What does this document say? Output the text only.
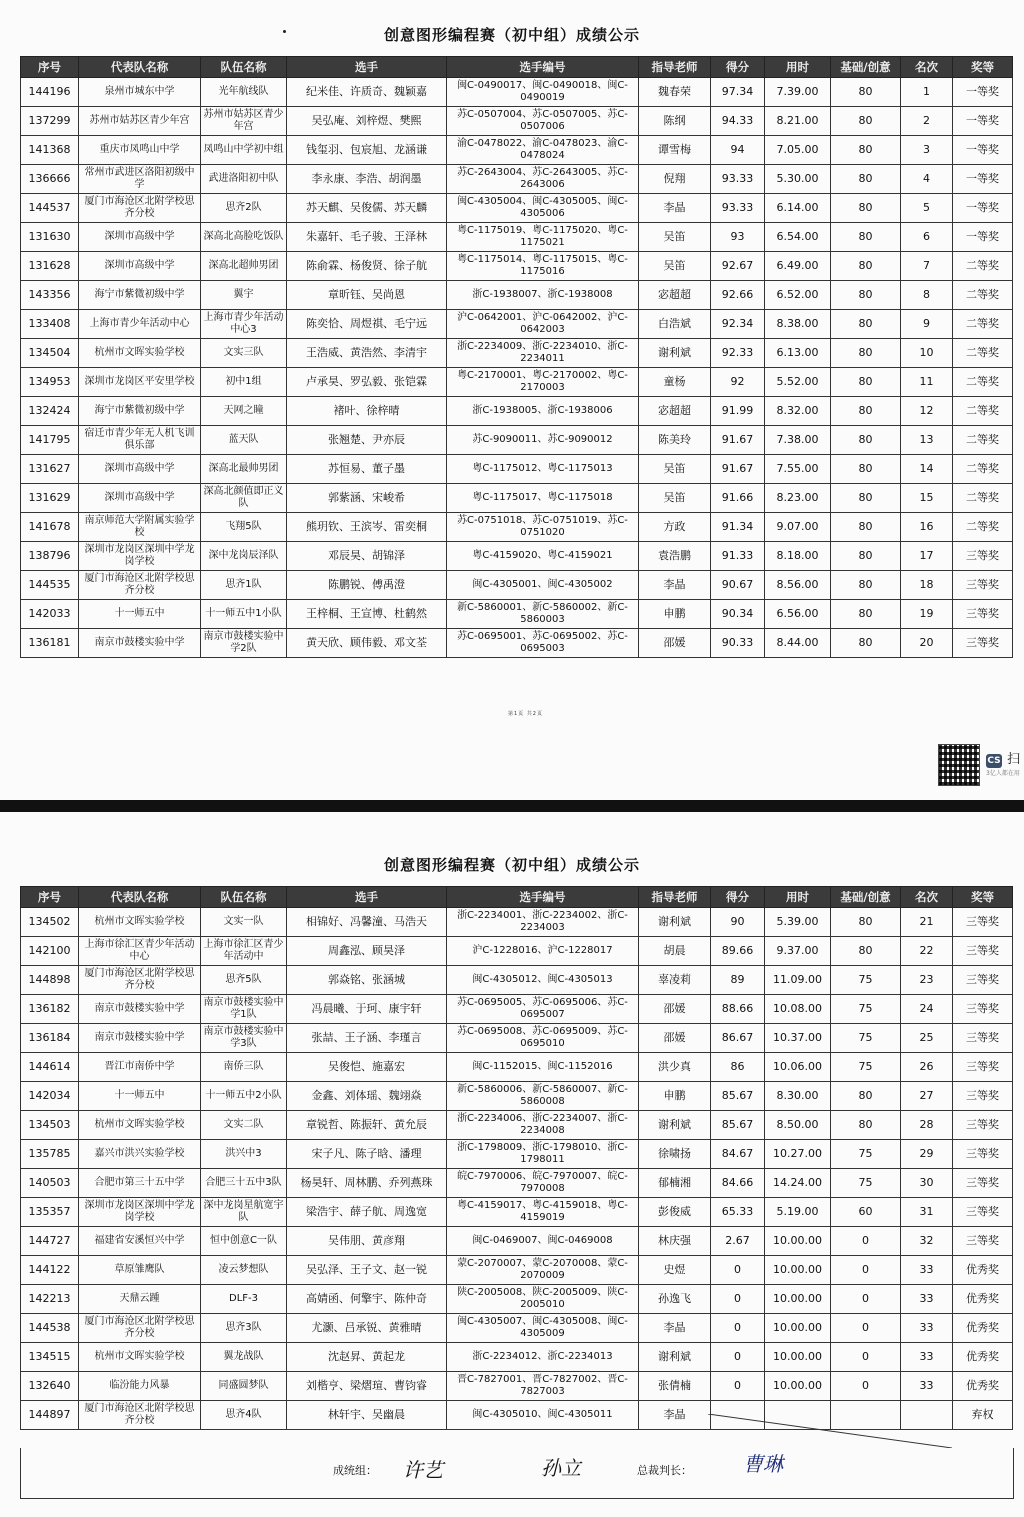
创意图形编程赛（初中组）成绩公示
序号	代表队名称	队伍名称	选手	选手编号	指导老师	得分	用时	基础/创意	名次	奖等
144196	泉州市城东中学	光年航线队	纪米佳、许质奇、魏颖嘉	闽C-0490017、闽C-0490018、闽C-0490019	魏春荣	97.34	7.39.00	80	1	一等奖
137299	苏州市姑苏区青少年宫	苏州市姑苏区青少年宫	吴弘庵、刘梓煜、樊熙	苏C-0507004、苏C-0507005、苏C-0507006	陈纲	94.33	8.21.00	80	2	一等奖
141368	重庆市凤鸣山中学	凤鸣山中学初中组	钱玺羽、包宸旭、龙涵谦	渝C-0478022、渝C-0478023、渝C-0478024	谭雪梅	94	7.05.00	80	3	一等奖
136666	常州市武进区洛阳初级中学	武进洛阳初中队	李永康、李浩、胡润墨	苏C-2643004、苏C-2643005、苏C-2643006	倪翔	93.33	5.30.00	80	4	一等奖
144537	厦门市海沧区北附学校思齐分校	思齐2队	苏天麒、吴俊儒、苏天麟	闽C-4305004、闽C-4305005、闽C-4305006	李晶	93.33	6.14.00	80	5	一等奖
131630	深圳市高级中学	深高北高脸吃饭队	朱嘉轩、毛子骏、王泽林	粤C-1175019、粤C-1175020、粤C-1175021	吴笛	93	6.54.00	80	6	一等奖
131628	深圳市高级中学	深高北超帅男团	陈俞霖、杨俊贤、徐子航	粤C-1175014、粤C-1175015、粤C-1175016	吴笛	92.67	6.49.00	80	7	二等奖
143356	海宁市紫微初级中学	翼宇	章昕钰、吴尚恩	浙C-1938007、浙C-1938008	宓超超	92.66	6.52.00	80	8	二等奖
133408	上海市青少年活动中心	上海市青少年活动中心3	陈奕恰、周煜祺、毛宁远	沪C-0642001、沪C-0642002、沪C-0642003	白浩斌	92.34	8.38.00	80	9	二等奖
134504	杭州市文晖实验学校	文实三队	王浩威、黄浩然、李清宇	浙C-2234009、浙C-2234010、浙C-2234011	谢利斌	92.33	6.13.00	80	10	二等奖
134953	深圳市龙岗区平安里学校	初中1组	卢承昊、罗弘毅、张铠霖	粤C-2170001、粤C-2170002、粤C-2170003	童杨	92	5.52.00	80	11	二等奖
132424	海宁市紫微初级中学	天网之瞳	褚叶、徐梓晴	浙C-1938005、浙C-1938006	宓超超	91.99	8.32.00	80	12	二等奖
141795	宿迁市青少年无人机飞训俱乐部	蓝天队	张翘楚、尹亦辰	苏C-9090011、苏C-9090012	陈美玲	91.67	7.38.00	80	13	二等奖
131627	深圳市高级中学	深高北最帅男团	苏恒易、董子墨	粤C-1175012、粤C-1175013	吴笛	91.67	7.55.00	80	14	二等奖
131629	深圳市高级中学	深高北颜值即正义队	郭紫涵、宋峻希	粤C-1175017、粤C-1175018	吴笛	91.66	8.23.00	80	15	二等奖
141678	南京师范大学附属实验学校	飞翔5队	熊玥钦、王滨岑、雷奕桐	苏C-0751018、苏C-0751019、苏C-0751020	方政	91.34	9.07.00	80	16	二等奖
138796	深圳市龙岗区深圳中学龙岗学校	深中龙岗辰泽队	邓辰昊、胡锦泽	粤C-4159020、粤C-4159021	袁浩鹏	91.33	8.18.00	80	17	三等奖
144535	厦门市海沧区北附学校思齐分校	思齐1队	陈鹏锐、傅禹澄	闽C-4305001、闽C-4305002	李晶	90.67	8.56.00	80	18	三等奖
142033	十一师五中	十一师五中1小队	王梓桐、王宣博、杜鹤然	新C-5860001、新C-5860002、新C-5860003	申鹏	90.34	6.56.00	80	19	三等奖
136181	南京市鼓楼实验中学	南京市鼓楼实验中学2队	黄天欣、顾伟毅、邓文荃	苏C-0695001、苏C-0695002、苏C-0695003	邵媛	90.33	8.44.00	80	20	三等奖
第1页 共2页
CS 扫
3亿人都在用
创意图形编程赛（初中组）成绩公示
序号	代表队名称	队伍名称	选手	选手编号	指导老师	得分	用时	基础/创意	名次	奖等
134502	杭州市文晖实验学校	文实一队	相锦好、冯馨潼、马浩天	浙C-2234001、浙C-2234002、浙C-2234003	谢利斌	90	5.39.00	80	21	三等奖
142100	上海市徐汇区青少年活动中心	上海市徐汇区青少年活动中	周鑫泓、顾昊泽	沪C-1228016、沪C-1228017	胡晨	89.66	9.37.00	80	22	三等奖
144898	厦门市海沧区北附学校思齐分校	思齐5队	郭焱铭、张涵城	闽C-4305012、闽C-4305013	辜凌莉	89	11.09.00	75	23	三等奖
136182	南京市鼓楼实验中学	南京市鼓楼实验中学1队	冯晨曦、于珂、康宇轩	苏C-0695005、苏C-0695006、苏C-0695007	邵媛	88.66	10.08.00	75	24	三等奖
136184	南京市鼓楼实验中学	南京市鼓楼实验中学3队	张喆、王子涵、李瑾言	苏C-0695008、苏C-0695009、苏C-0695010	邵媛	86.67	10.37.00	75	25	三等奖
144614	晋江市南侨中学	南侨三队	吴俊恺、施嘉宏	闽C-1152015、闽C-1152016	洪少真	86	10.06.00	75	26	三等奖
142034	十一师五中	十一师五中2小队	金鑫、刘体瑶、魏翊焱	新C-5860006、新C-5860007、新C-5860008	申鹏	85.67	8.30.00	80	27	三等奖
134503	杭州市文晖实验学校	文实二队	章锐哲、陈振轩、黄允辰	浙C-2234006、浙C-2234007、浙C-2234008	谢利斌	85.67	8.50.00	80	28	三等奖
135785	嘉兴市洪兴实验学校	洪兴中3	宋子凡、陈子晗、潘理	浙C-1798009、浙C-1798010、浙C-1798011	徐啸扬	84.67	10.27.00	75	29	三等奖
140503	合肥市第三十五中学	合肥三十五中3队	杨昊轩、周林鹏、乔列燕珠	皖C-7970006、皖C-7970007、皖C-7970008	郁楠湘	84.66	14.24.00	75	30	三等奖
135357	深圳市龙岗区深圳中学龙岗学校	深中龙岗星航宽宇队	梁浩宇、薛子航、周逸宽	粤C-4159017、粤C-4159018、粤C-4159019	彭俊威	65.33	5.19.00	60	31	三等奖
144727	福建省安溪恒兴中学	恒中创意C一队	吴伟朋、黄彦翔	闽C-0469007、闽C-0469008	林庆强	2.67	10.00.00	0	32	三等奖
144122	草原雏鹰队	凌云梦想队	吴弘泽、王子文、赵一锐	蒙C-2070007、蒙C-2070008、蒙C-2070009	史煜	0	10.00.00	0	33	优秀奖
142213	天鼎云踵	DLF-3	高婧函、何擎宇、陈仲奇	陕C-2005008、陕C-2005009、陕C-2005010	孙逸飞	0	10.00.00	0	33	优秀奖
144538	厦门市海沧区北附学校思齐分校	思齐3队	尤灏、吕承锐、黄雅晴	闽C-4305007、闽C-4305008、闽C-4305009	李晶	0	10.00.00	0	33	优秀奖
134515	杭州市文晖实验学校	翼龙战队	沈赵昇、黄起龙	浙C-2234012、浙C-2234013	谢利斌	0	10.00.00	0	33	优秀奖
132640	临汾能力风暴	同盛圆梦队	刘楷亨、梁熠瑄、曹钧睿	晋C-7827001、晋C-7827002、晋C-7827003	张倩楠	0	10.00.00	0	33	优秀奖
144897	厦门市海沧区北附学校思齐分校	思齐4队	林轩宇、吴幽晨	闽C-4305010、闽C-4305011	李晶					弃权
成统组： 许艺	孙立	总裁判长：	曹琳
